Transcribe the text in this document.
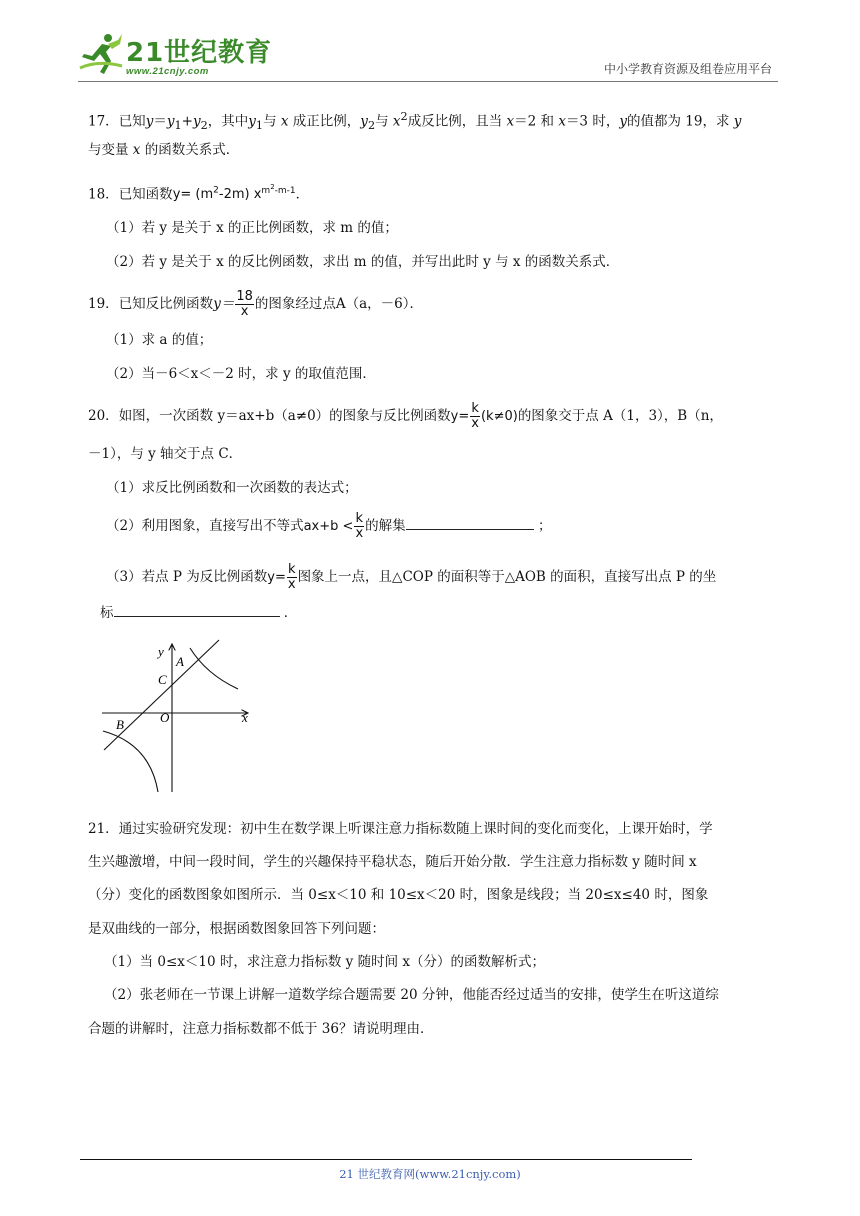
21世纪教育
www.21cnjy.com	中小学教育资源及组卷应用平台
17．已知$y=y_1+y_2$，其中$y_1$与 x 成正比例，$y_2$与 $x^2$成反比例，且当 x＝2 和 x＝3 时，y的值都为 19，求 y
与变量 x 的函数关系式．
18．已知函数$y= (m^2-2m)$ $x^{m^2-m-1}$．
（1）若 y 是关于 x 的正比例函数，求 m 的值；
（2）若 y 是关于 x 的反比例函数，求出 m 的值，并写出此时 y 与 x 的函数关系式．
19．已知反比例函数$y= \frac{18}{x}$ 的图象经过点A（a，－6）．
（1）求 a 的值；
（2）当－6＜x＜－2 时，求 y 的取值范围．
20．如图，一次函数 y＝ax+b（a≠0）的图象与反比例函数$y= \frac{k}{x} (k\ne 0)$的图象交于点 A（1，3），B（n，
－1），与 y 轴交于点 C．
（1）求反比例函数和一次函数的表达式；
（2）利用图象，直接写出不等式$ax+b < \frac{k}{x}$ 的解集	；
（3）若点 P 为反比例函数$y= \frac{k}{x}$ 图象上一点，且△COP 的面积等于△AOB 的面积，直接写出点 P 的坐
标	．
y
x
A
C
O
B
21．通过实验研究发现：初中生在数学课上听课注意力指标数随上课时间的变化而变化，上课开始时，学
生兴趣激增，中间一段时间，学生的兴趣保持平稳状态，随后开始分散．学生注意力指标数 y 随时间 x
（分）变化的函数图象如图所示．当 0≤x＜10 和 10≤x＜20 时，图象是线段；当 20≤x≤40 时，图象
是双曲线的一部分，根据函数图象回答下列问题：
（1）当 0≤x＜10 时，求注意力指标数 y 随时间 x（分）的函数解析式；
（2）张老师在一节课上讲解一道数学综合题需要 20 分钟，他能否经过适当的安排，使学生在听这道综
合题的讲解时，注意力指标数都不低于 36？请说明理由．
21 世纪教育网(www.21cnjy.com)
